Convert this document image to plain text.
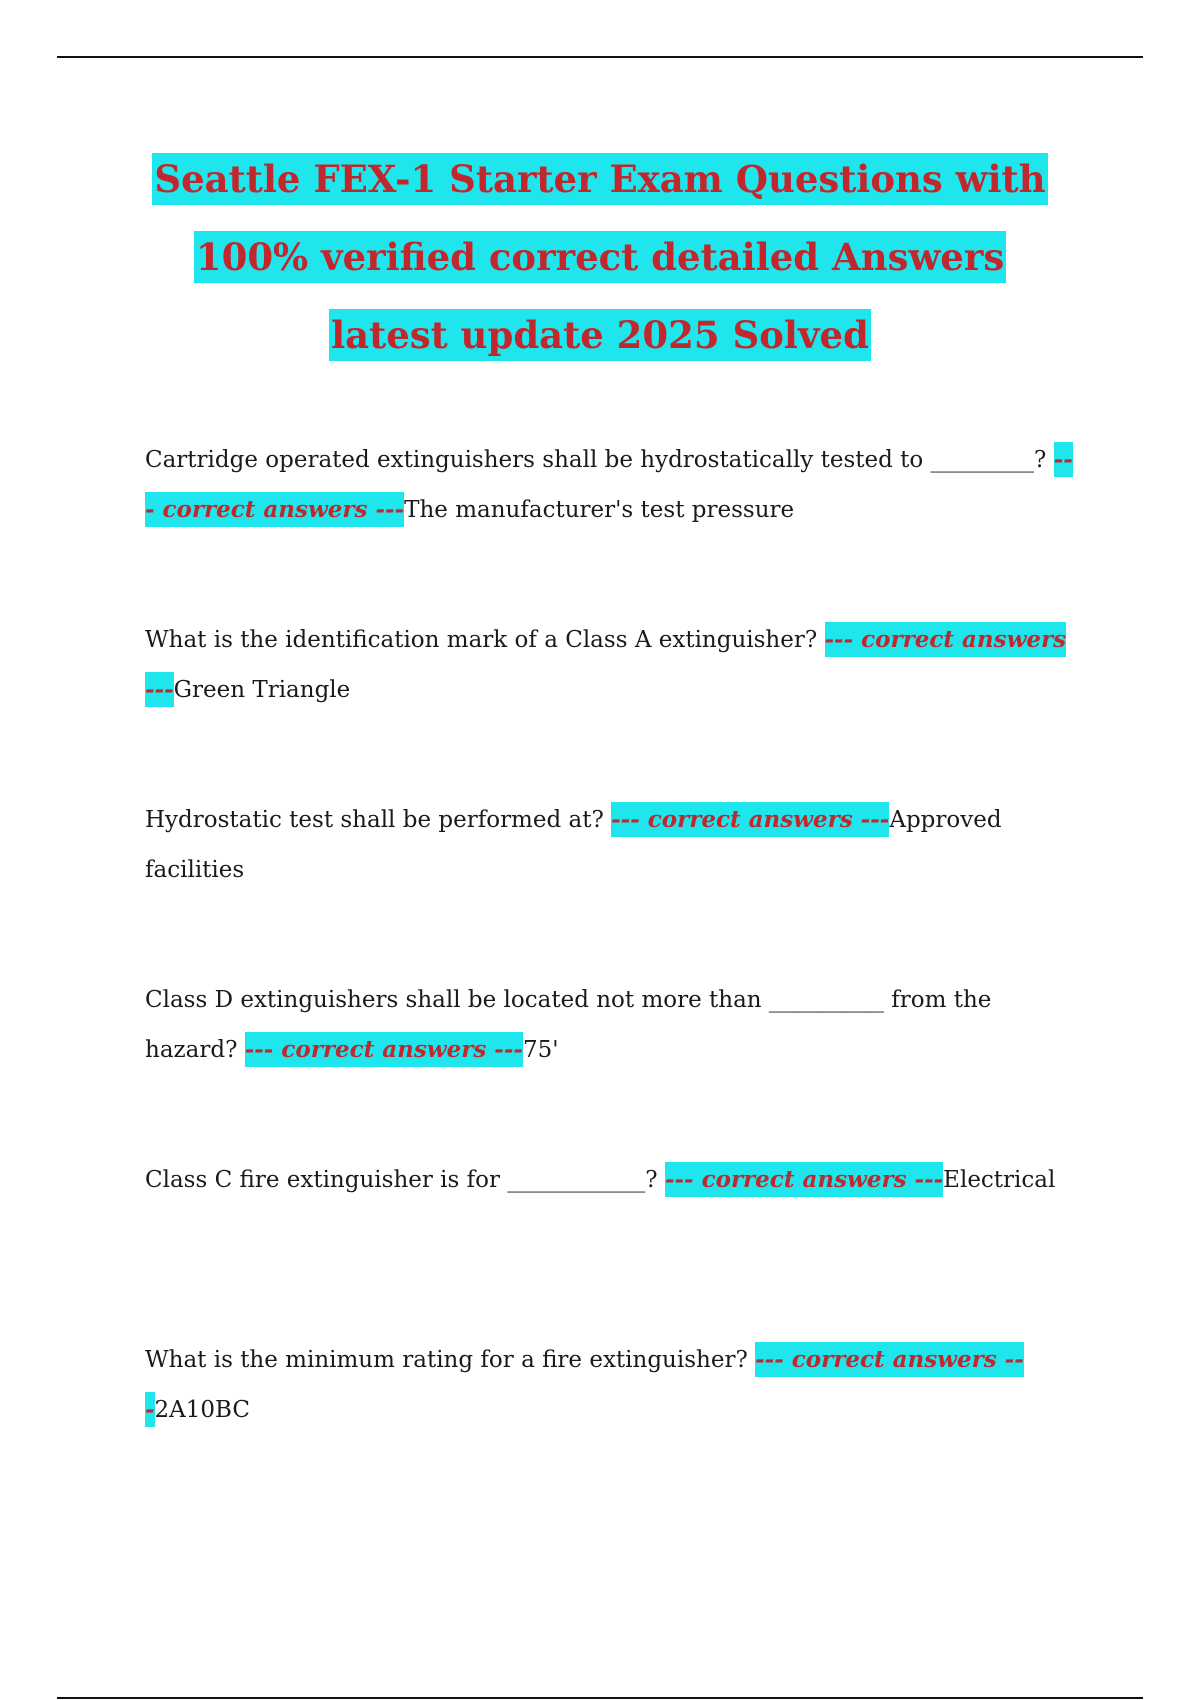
Seattle FEX-1 Starter Exam Questions with
100% verified correct detailed Answers
latest update 2025 Solved

Cartridge operated extinguishers shall be hydrostatically tested to _________? --- correct answers ---The manufacturer's test pressure

What is the identification mark of a Class A extinguisher? --- correct answers ---Green Triangle

Hydrostatic test shall be performed at? --- correct answers ---Approved facilities

Class D extinguishers shall be located not more than __________ from the hazard? --- correct answers ---75'

Class C fire extinguisher is for ____________? --- correct answers ---Electrical

What is the minimum rating for a fire extinguisher? --- correct answers ---2A10BC
